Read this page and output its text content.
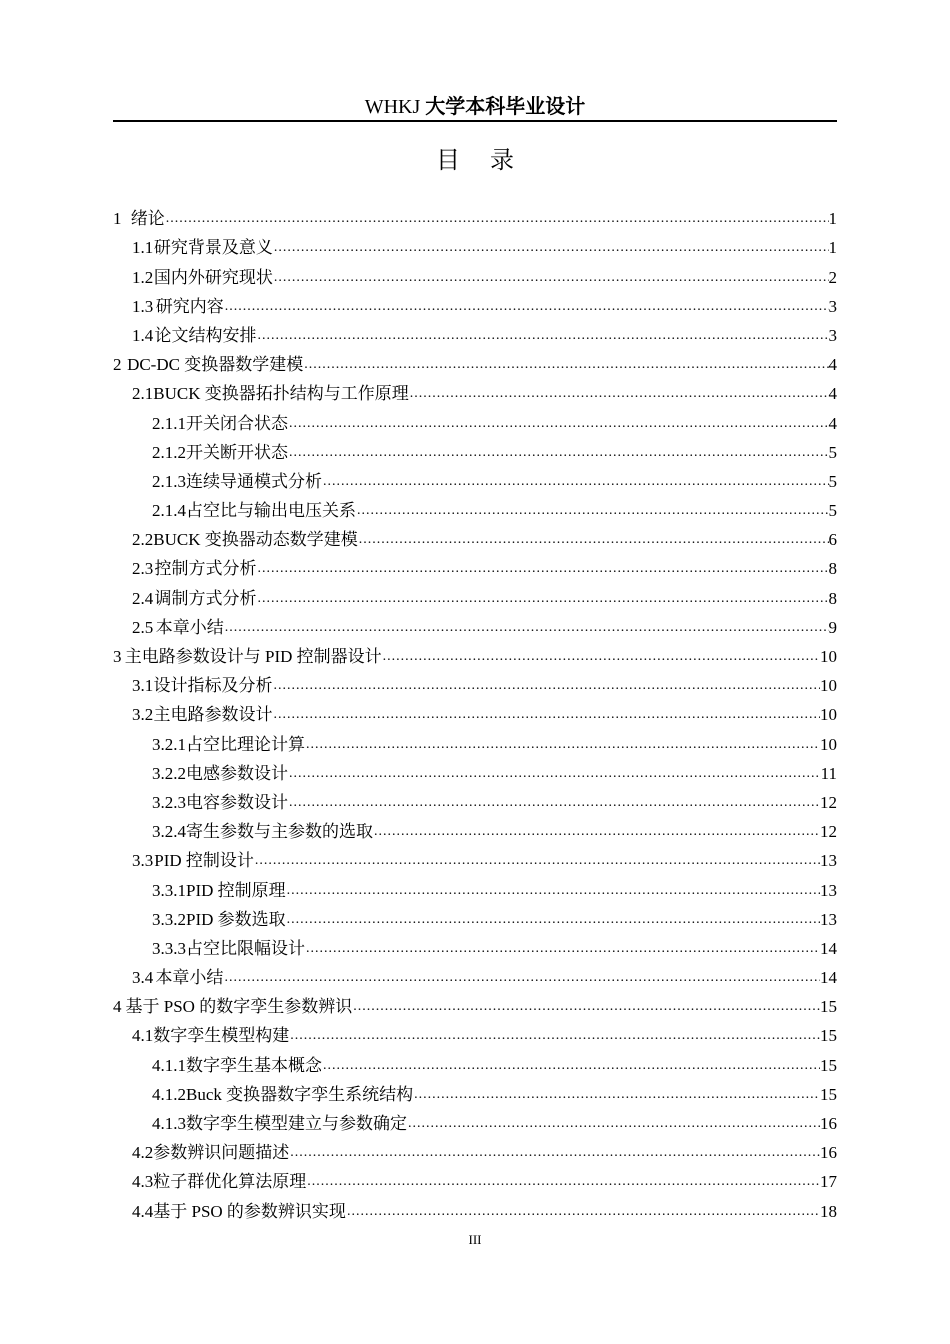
WHKJ 大学本科毕业设计
目录
1 绪论 .....	1
1.1 研究背景及意义 .....	1
1.2 国内外研究现状 .....	2
1.3 研究内容 .....	3
1.4 论文结构安排 .....	3
2 DC-DC 变换器数学建模 .....	4
2.1 BUCK 变换器拓扑结构与工作原理 .....	4
2.1.1 开关闭合状态 .....	4
2.1.2 开关断开状态 .....	5
2.1.3 连续导通模式分析 .....	5
2.1.4 占空比与输出电压关系 .....	5
2.2 BUCK 变换器动态数学建模 .....	6
2.3 控制方式分析 .....	8
2.4 调制方式分析 .....	8
2.5 本章小结 .....	9
3 主电路参数设计与 PID 控制器设计 .....	10
3.1 设计指标及分析 .....	10
3.2 主电路参数设计 .....	10
3.2.1 占空比理论计算 .....	10
3.2.2 电感参数设计 .....	11
3.2.3 电容参数设计 .....	12
3.2.4 寄生参数与主参数的选取 .....	12
3.3 PID 控制设计 .....	13
3.3.1 PID 控制原理 .....	13
3.3.2 PID 参数选取 .....	13
3.3.3 占空比限幅设计 .....	14
3.4 本章小结 .....	14
4 基于 PSO 的数字孪生参数辨识 .....	15
4.1 数字孪生模型构建 .....	15
4.1.1 数字孪生基本概念 .....	15
4.1.2 Buck 变换器数字孪生系统结构 .....	15
4.1.3 数字孪生模型建立与参数确定 .....	16
4.2 参数辨识问题描述 .....	16
4.3 粒子群优化算法原理 .....	17
4.4 基于 PSO 的参数辨识实现 .....	18
III
